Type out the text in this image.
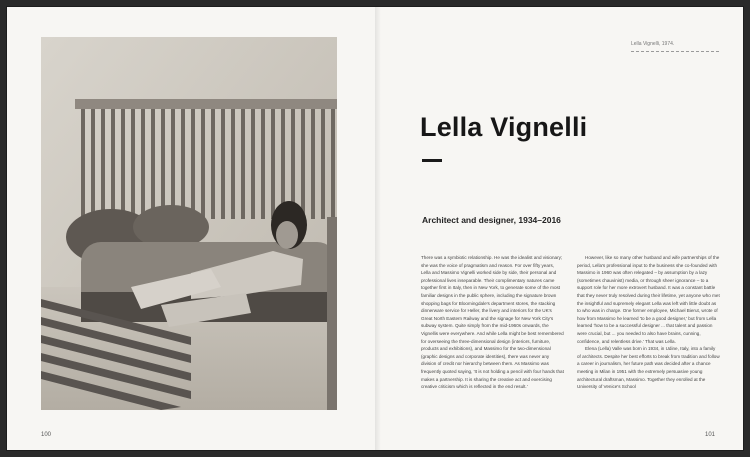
100
Lella Vignelli, 1974.
Lella Vignelli
Architect and designer, 1934–2016

There was a symbiotic relationship. He was the idealist and visionary; she was the voice of pragmatism and reason. For over fifty years, Lella and Massimo Vignelli worked side by side, their personal and professional lives inseparable. Their complimentary natures came together first in Italy, then in New York, to generate some of the most familiar designs in the public sphere, including the signature brown shopping bags for Bloomingdale's department stores, the stacking dinnerware service for Heller, the livery and interiors for the UK's Great North Eastern Railway and the signage for New York City's subway system. Quite simply from the mid-1960s onwards, the Vignellis were everywhere. And while Lella might be best remembered for overseeing the three-dimensional design (interiors, furniture, products and exhibitions), and Massimo for the two-dimensional (graphic designs and corporate identities), there was never any division of credit nor hierarchy between them. As Massimo was frequently quoted saying, 'It is not holding a pencil with four hands that makes a partnership. It is sharing the creative act and exercising creative criticism which is reflected in the end result.'

However, like so many other husband and wife partnerships of the period, Lella's professional input to the business she co-founded with Massimo in 1960 was often relegated – by assumption by a lazy (sometimes chauvinist) media, or through sheer ignorance – to a support role for her more extrovert husband. It was a constant battle that they never truly resolved during their lifetime, yet anyone who met the insightful and supremely elegant Lella was left with little doubt as to who was in charge. One former employee, Michael Bierut, wrote of how from Massimo he learned 'to be a good designer,' but from Lella learned 'how to be a successful designer ... that talent and passion were crucial, but ... you needed to also have brains, cunning, confidence, and relentless drive.' That was Lella.

Elena (Lella) Valle was born in 1934, in Udine, Italy, into a family of architects. Despite her best efforts to break from tradition and follow a career in journalism, her future path was decided after a chance meeting in Milan in 1951 with the extremely persuasive young architectural draftsman, Massimo. Together they enrolled at the University of Venice's School

101
